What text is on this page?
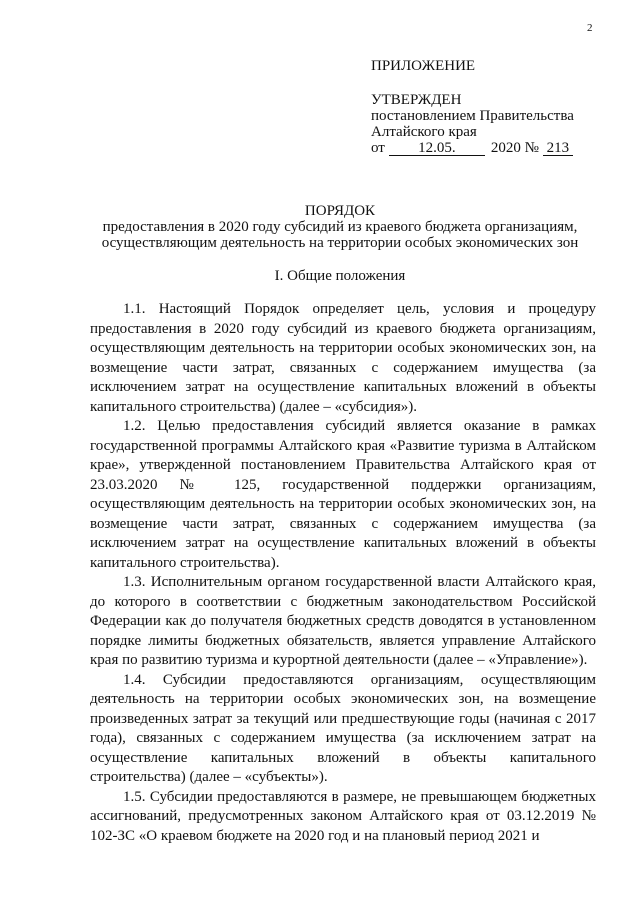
2
ПРИЛОЖЕНИЕ
УТВЕРЖДЕН
постановлением Правительства
Алтайского края
от 12.05. 2020 № 213
ПОРЯДОК
предоставления в 2020 году субсидий из краевого бюджета организациям, осуществляющим деятельность на территории особых экономических зон
I. Общие положения

1.1. Настоящий Порядок определяет цель, условия и процедуру предоставления в 2020 году субсидий из краевого бюджета организациям, осуществляющим деятельность на территории особых экономических зон, на возмещение части затрат, связанных с содержанием имущества (за исключением затрат на осуществление капитальных вложений в объекты капитального строительства) (далее – «субсидия»).

1.2. Целью предоставления субсидий является оказание в рамках государственной программы Алтайского края «Развитие туризма в Алтайском крае», утвержденной постановлением Правительства Алтайского края от 23.03.2020 № 125, государственной поддержки организациям, осуществляющим деятельность на территории особых экономических зон, на возмещение части затрат, связанных с содержанием имущества (за исключением затрат на осуществление капитальных вложений в объекты капитального строительства).

1.3. Исполнительным органом государственной власти Алтайского края, до которого в соответствии с бюджетным законодательством Российской Федерации как до получателя бюджетных средств доводятся в установленном порядке лимиты бюджетных обязательств, является управление Алтайского края по развитию туризма и курортной деятельности (далее – «Управление»).

1.4. Субсидии предоставляются организациям, осуществляющим деятельность на территории особых экономических зон, на возмещение произведенных затрат за текущий или предшествующие годы (начиная с 2017 года), связанных с содержанием имущества (за исключением затрат на осуществление капитальных вложений в объекты капитального строительства) (далее – «субъекты»).

1.5. Субсидии предоставляются в размере, не превышающем бюджетных ассигнований, предусмотренных законом Алтайского края от 03.12.2019 № 102-ЗС «О краевом бюджете на 2020 год и на плановый период 2021 и
